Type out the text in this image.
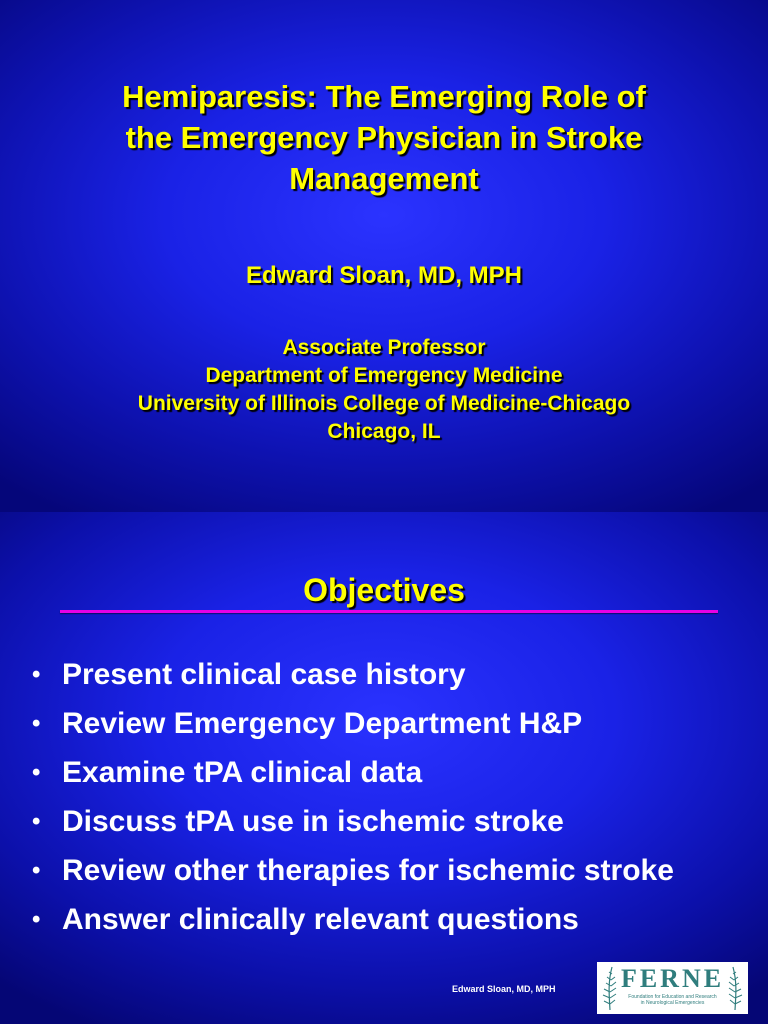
Hemiparesis: The Emerging Role of
the Emergency Physician in Stroke
Management
Edward Sloan, MD, MPH
Associate Professor
Department of Emergency Medicine
University of Illinois College of Medicine-Chicago
Chicago, IL
Objectives
• Present clinical case history
• Review Emergency Department H&P
• Examine tPA clinical data
• Discuss tPA use in ischemic stroke
• Review other therapies for ischemic stroke
• Answer clinically relevant questions
Edward Sloan, MD, MPH	FERNE
Foundation for Education and Research
in Neurological Emergencies
